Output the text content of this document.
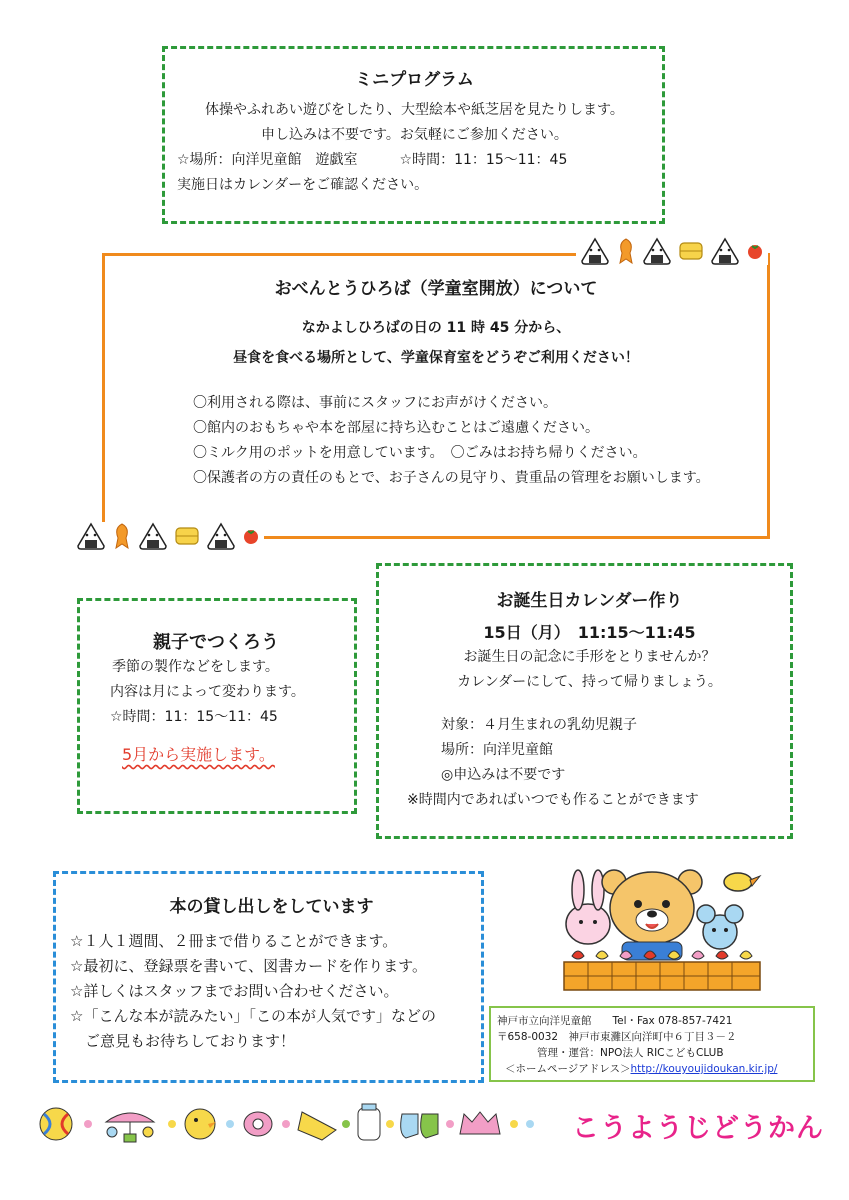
ミニプログラム
体操やふれあい遊びをしたり、大型絵本や紙芝居を見たりします。
申し込みは不要です。お気軽にご参加ください。
☆場所：向洋児童館　遊戯室　　　☆時間：11：15～11：45
実施日はカレンダーをご確認ください。
おべんとうひろば（学童室開放）について
なかよしひろばの日の 11 時 45 分から、
昼食を食べる場所として、学童保育室をどうぞご利用ください！
〇利用される際は、事前にスタッフにお声がけください。
〇館内のおもちゃや本を部屋に持ち込むことはご遠慮ください。
〇ミルク用のポットを用意しています。　〇ごみはお持ち帰りください。
〇保護者の方の責任のもとで、お子さんの見守り、貴重品の管理をお願いします。
親子でつくろう
季節の製作などをします。
内容は月によって変わります。
☆時間：11：15～11：45
5月から実施します。
お誕生日カレンダー作り
15日（月）　11:15～11:45
お誕生日の記念に手形をとりませんか？
カレンダーにして、持って帰りましょう。
対象：４月生まれの乳幼児親子
場所：向洋児童館
◎申込みは不要です
※時間内であればいつでも作ることができます
本の貸し出しをしています
☆１人１週間、２冊まで借りることができます。
☆最初に、登録票を書いて、図書カードを作ります。
☆詳しくはスタッフまでお問い合わせください。
☆「こんな本が読みたい」「この本が人気です」などの
　ご意見もお待ちしております！
神戸市立向洋児童館　　Tel・Fax 078-857-7421
〒658-0032　神戸市東灘区向洋町中６丁目３－２
管理・運営：NPO法人 RICこどもCLUB
＜ホームページアドレス＞http://kouyoujidoukan.kir.jp/
こうようじどうかん
